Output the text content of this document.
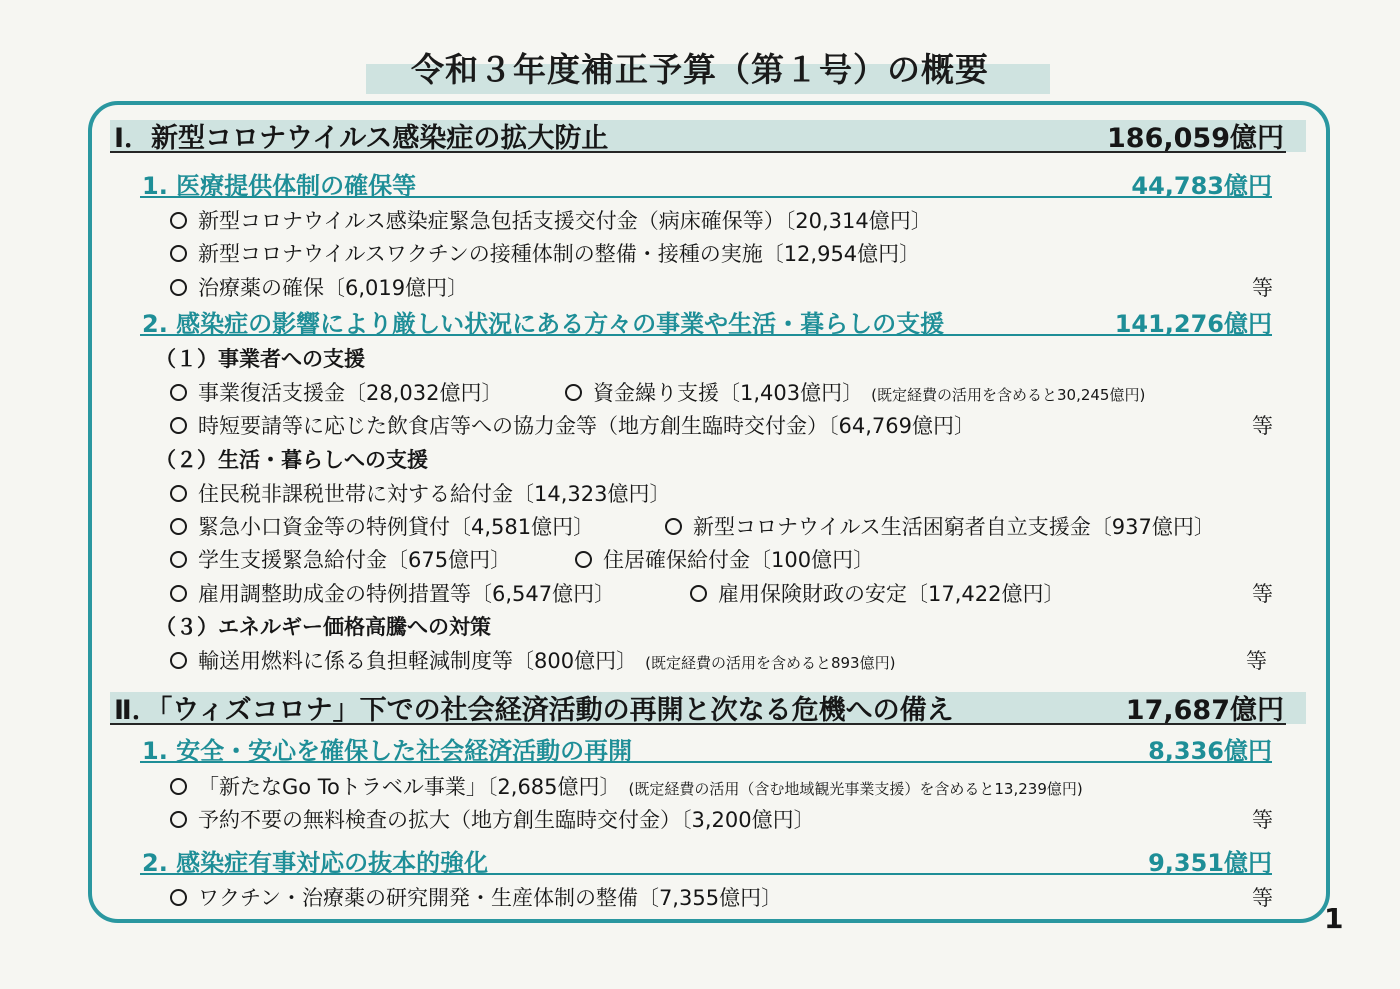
令和３年度補正予算（第１号）の概要
Ⅰ．新型コロナウイルス感染症の拡大防止	186,059億円
1. 医療提供体制の確保等	44,783億円
新型コロナウイルス感染症緊急包括支援交付金（病床確保等）〔20,314億円〕
新型コロナウイルスワクチンの接種体制の整備・接種の実施〔12,954億円〕
治療薬の確保〔6,019億円〕	等
2. 感染症の影響により厳しい状況にある方々の事業や生活・暮らしの支援	141,276億円
（１）事業者への支援
事業復活支援金〔28,032億円〕	資金繰り支援〔1,403億円〕 (既定経費の活用を含めると30,245億円)
時短要請等に応じた飲食店等への協力金等（地方創生臨時交付金）〔64,769億円〕	等
（２）生活・暮らしへの支援
住民税非課税世帯に対する給付金〔14,323億円〕
緊急小口資金等の特例貸付〔4,581億円〕	新型コロナウイルス生活困窮者自立支援金〔937億円〕
学生支援緊急給付金〔675億円〕	住居確保給付金〔100億円〕
雇用調整助成金の特例措置等〔6,547億円〕	雇用保険財政の安定〔17,422億円〕	等
（３）エネルギー価格高騰への対策
輸送用燃料に係る負担軽減制度等〔800億円〕 (既定経費の活用を含めると893億円)	等
Ⅱ．「ウィズコロナ」下での社会経済活動の再開と次なる危機への備え	17,687億円
1. 安全・安心を確保した社会経済活動の再開	8,336億円
「新たなGo Toトラベル事業」〔2,685億円〕 (既定経費の活用（含む地域観光事業支援）を含めると13,239億円)
予約不要の無料検査の拡大（地方創生臨時交付金）〔3,200億円〕	等
2. 感染症有事対応の抜本的強化	9,351億円
ワクチン・治療薬の研究開発・生産体制の整備〔7,355億円〕	等
1
